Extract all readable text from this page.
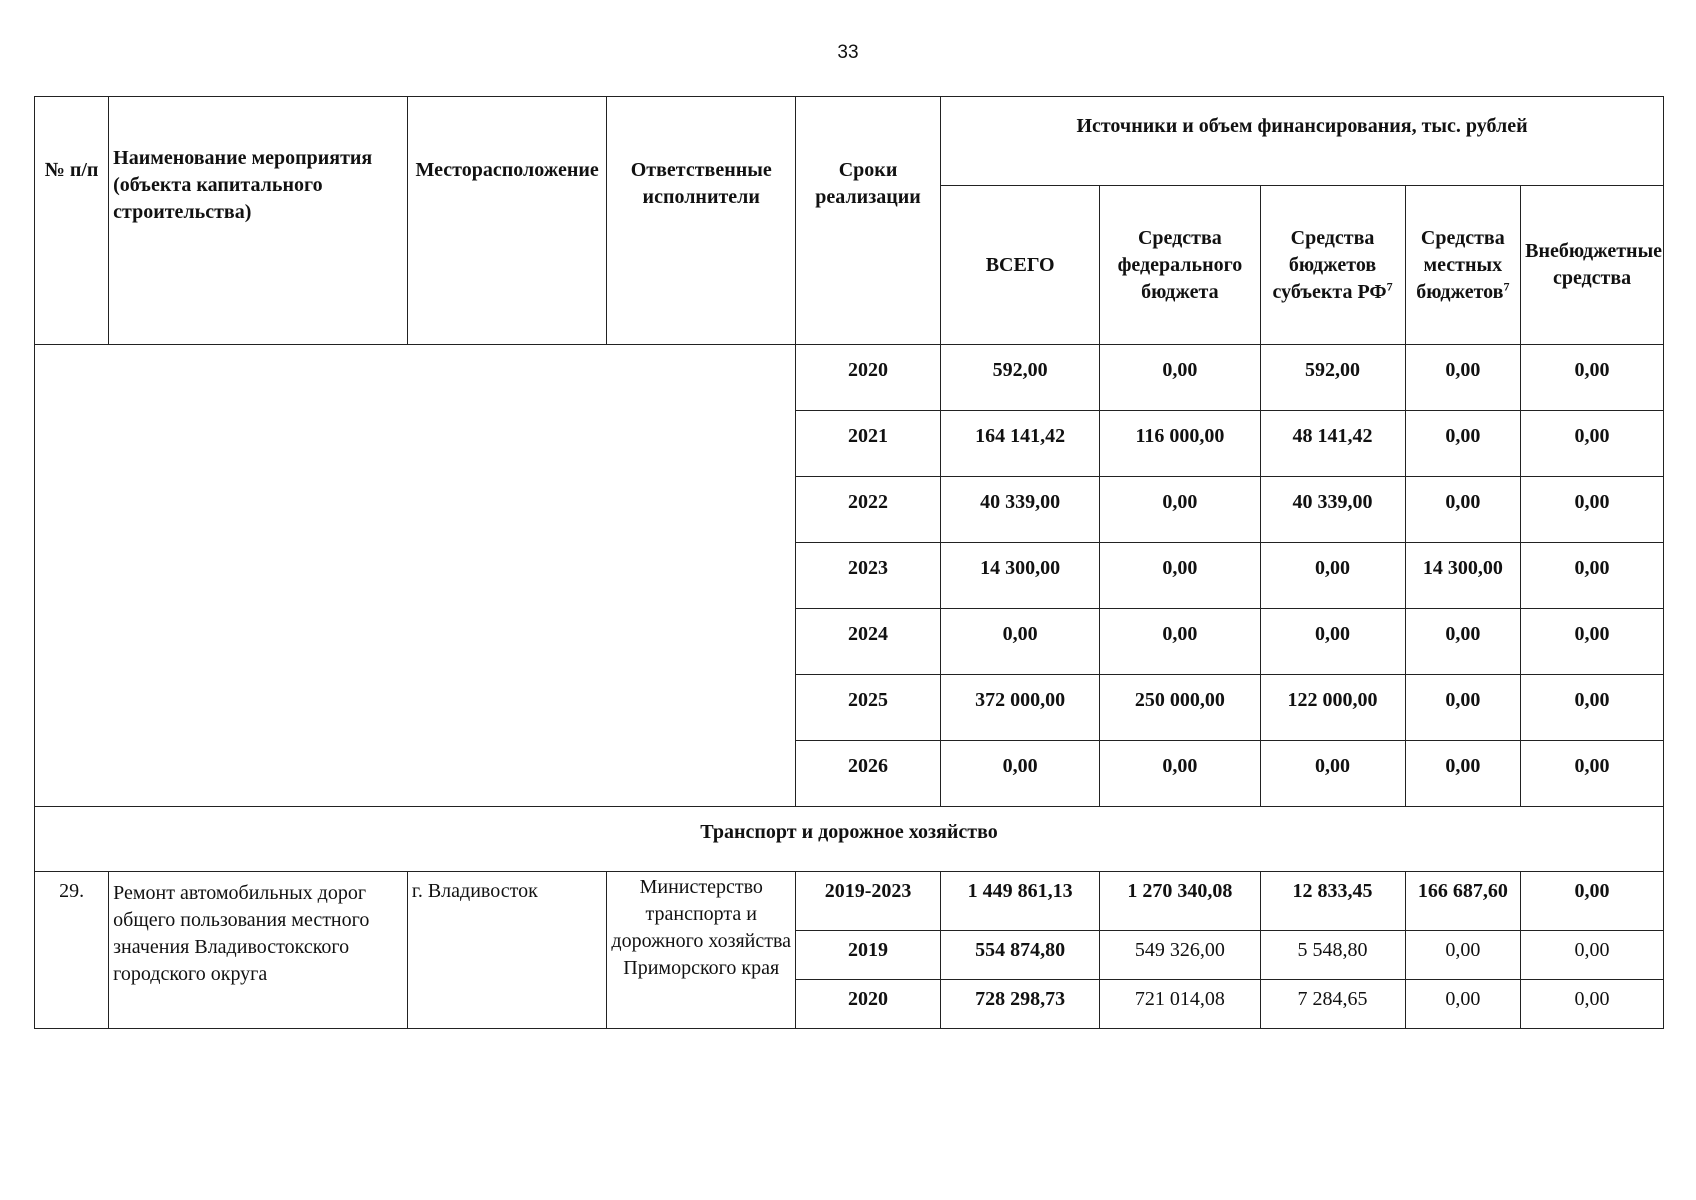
33
№ п/п	Наименование мероприятия (объекта капитального строительства)	Месторасположение	Ответственные исполнители	Сроки реализации	Источники и объем финансирования, тыс. рублей				
					ВСЕГО	Средства федерального бюджета	Средства бюджетов субъекта $РФ^7$	Средства местных бюджетов$^7$	Внебюджетные средства
				2020	592,00	0,00	592,00	0,00	0,00
				2021	164 141,42	116 000,00	48 141,42	0,00	0,00
				2022	40 339,00	0,00	40 339,00	0,00	0,00
				2023	14 300,00	0,00	0,00	14 300,00	0,00
				2024	0,00	0,00	0,00	0,00	0,00
				2025	372 000,00	250 000,00	122 000,00	0,00	0,00
				2026	0,00	0,00	0,00	0,00	0,00
Транспорт и дорожное хозяйство									
29.	Ремонт автомобильных дорог общего пользования местного значения Владивостокского городского округа	г. Владивосток	Министерство транспорта и дорожного хозяйства Приморского края	2019-2023	1 449 861,13	1 270 340,08	12 833,45	166 687,60	0,00
				2019	554 874,80	549 326,00	5 548,80	0,00	0,00
				2020	728 298,73	721 014,08	7 284,65	0,00	0,00
